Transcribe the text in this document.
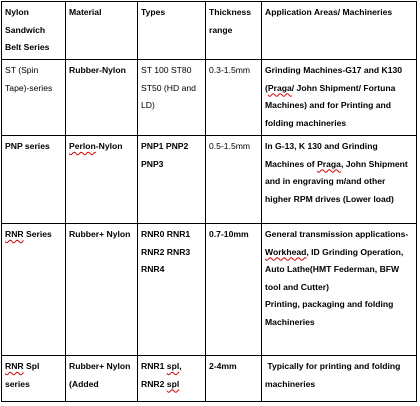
Nylon Sandwich Belt Series	Material	Types	Thickness range	Application Areas/ Machineries

ST (Spin Tape)-series	Rubber-Nylon	ST 100 ST80 ST50 (HD and LD)	0.3-1.5mm	Grinding Machines-G17 and K130 (Praga/ John Shipment/ Fortuna Machines) and for Printing and folding machineries

PNP series	Perlon-Nylon	PNP1 PNP2 PNP3	0.5-1.5mm	In G-13, K 130 and Grinding Machines of Praga, John Shipment  and in engraving m/and other higher RPM drives (Lower load)

RNR Series	Rubber+ Nylon	RNR0 RNR1 RNR2 RNR3 RNR4	0.7-10mm	General transmission applications- Workhead, ID Grinding Operation, Auto Lathe(HMT Federman, BFW tool and Cutter)
Printing, packaging and folding Machineries

RNR Spl series	Rubber+ Nylon (Added	RNR1 spl, RNR2 spl	2-4mm	Typically for printing and folding machineries
